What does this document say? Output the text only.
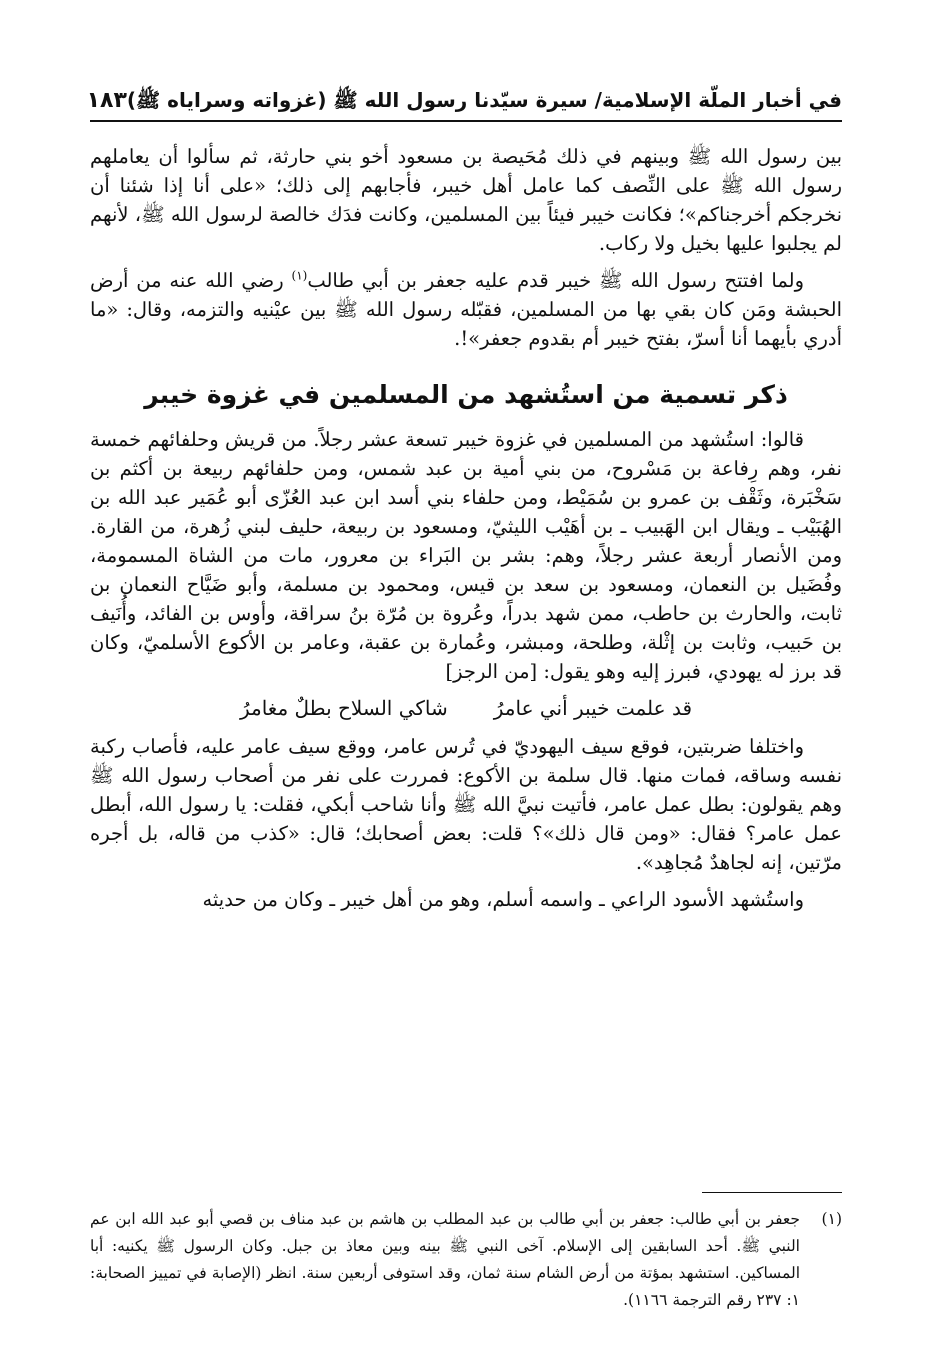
في أخبار الملّة الإسلامية/ سيرة سيّدنا رسول الله ﷺ (غزواته وسراياه ﷺ)
١٨٣

بين رسول الله ﷺ وبينهم في ذلك مُحَيصة بن مسعود أخو بني حارثة، ثم سألوا أن يعاملهم رسول الله ﷺ على النِّصف كما عامل أهل خيبر، فأجابهم إلى ذلك؛ «على أنا إذا شئنا أن نخرجكم أخرجناكم»؛ فكانت خيبر فيئاً بين المسلمين، وكانت فدَك خالصة لرسول الله ﷺ، لأنهم لم يجلبوا عليها بخيل ولا ركاب.

ولما افتتح رسول الله ﷺ خيبر قدم عليه جعفر بن أبي طالب$^{(١)}$ رضي الله عنه من أرض الحبشة ومَن كان بقي بها من المسلمين، فقبّله رسول الله ﷺ بين عيْنيه والتزمه، وقال: «ما أدري بأيهما أنا أسرّ، بفتح خيبر أم بقدوم جعفر»!.

ذكر تسمية من استُشهد من المسلمين في غزوة خيبر

قالوا: استُشهد من المسلمين في غزوة خيبر تسعة عشر رجلاً. من قريش وحلفائهم خمسة نفر، وهم رِفاعة بن مَسْروح، من بني أمية بن عبد شمس، ومن حلفائهم ربيعة بن أكثم بن سَخْبَرة، وثَقْف بن عمرو بن سُمَيْط، ومن حلفاء بني أسد ابن عبد العُزّى أبو عُمَير عبد الله بن الهُبَيْب ـ ويقال ابن الهَبيب ـ بن أهَيْب الليثيّ، ومسعود بن ربيعة، حليف لبني زُهرة، من القارة. ومن الأنصار أربعة عشر رجلاً، وهم: بشر بن البَراء بن معرور، مات من الشاة المسمومة، وفُضَيل بن النعمان، ومسعود بن سعد بن قيس، ومحمود بن مسلمة، وأبو ضَيَّاح النعمان بن ثابت، والحارث بن حاطب، ممن شهد بدراً، وعُروة بن مُرّة بنُ سراقة، وأوس بن الفائد، وأُنَيف بن حَبيب، وثابت بن إثْلة، وطلحة، ومبشر، وعُمارة بن عقبة، وعامر بن الأكوع الأسلميّ، وكان قد برز له يهودي، فبرز إليه وهو يقول: [من الرجز]

قد علمت خيبر أني عامرُ
شاكي السلاح بطلٌ مغامرُ

واختلفا ضربتين، فوقع سيف اليهوديّ في تُرس عامر، ووقع سيف عامر عليه، فأصاب ركبة نفسه وساقه، فمات منها. قال سلمة بن الأكوع: فمررت على نفر من أصحاب رسول الله ﷺ وهم يقولون: بطل عمل عامر، فأتيت نبيَّ الله ﷺ وأنا شاحب أبكي، فقلت: يا رسول الله، أبطل عمل عامر؟ فقال: «ومن قال ذلك»؟ قلت: بعض أصحابك؛ قال: «كذب من قاله، بل أجره مرّتين، إنه لجاهدٌ مُجاهِد».

واستُشهد الأسود الراعي ـ واسمه أسلم، وهو من أهل خيبر ـ وكان من حديثه

(١)

جعفر بن أبي طالب: جعفر بن أبي طالب بن عبد المطلب بن هاشم بن عبد مناف بن قصي أبو عبد الله ابن عم النبي ﷺ. أحد السابقين إلى الإسلام. آخى النبي ﷺ بينه وبين معاذ بن جبل. وكان الرسول ﷺ يكنيه: أبا المساكين. استشهد بمؤتة من أرض الشام سنة ثمان، وقد استوفى أربعين سنة. انظر (الإصابة في تمييز الصحابة: ١: ٢٣٧ رقم الترجمة ١١٦٦).
